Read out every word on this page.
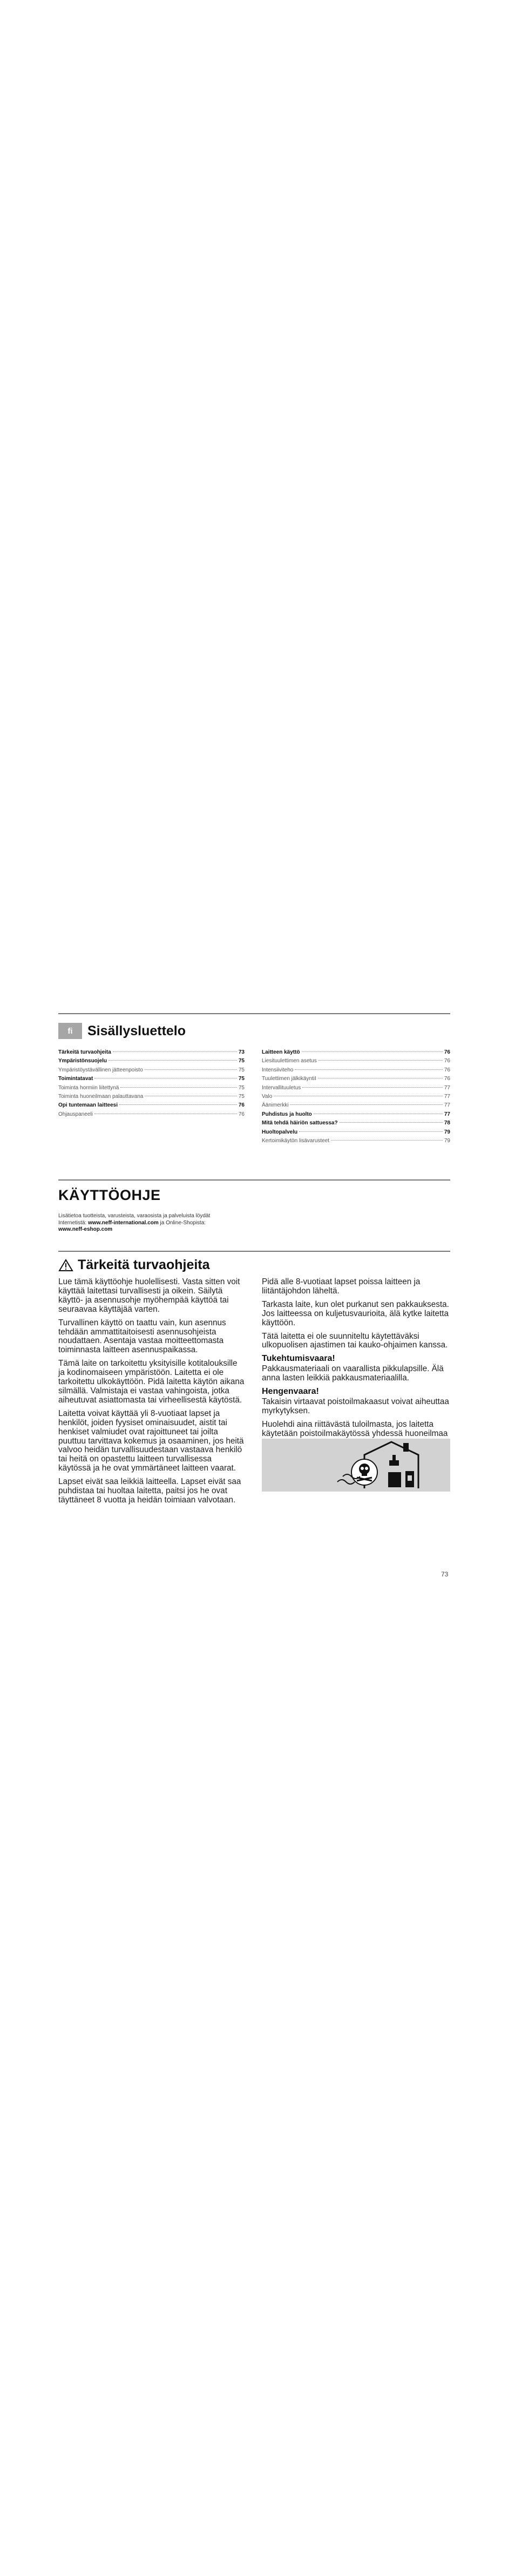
fi	Sisällysluettelo
Tärkeitä turvaohjeita	73
Ympäristönsuojelu	75
Ympäristöystävällinen jätteenpoisto	75
Toimintatavat	75
Toiminta hormiin liitettynä	75
Toiminta huoneilmaan palauttavana	75
Opi tuntemaan laitteesi	76
Ohjauspaneeli	76
Laitteen käyttö	76
Liesituulettimen asetus	76
Intensiiviteho	76
Tuulettimen jälkikäyntiI	76
Intervallituuletus	77
Valo	77
Äänimerkki	77
Puhdistus ja huolto	77
Mitä tehdä häiriön sattuessa?	78
Huoltopalvelu	79
Kertoimikäytön lisävarusteet	79
KÄYTTÖOHJE
Lisätietoa tuotteista, varusteista, varaosista ja palveluista löydät
Internetistä: www.neff-international.com ja Online-Shopista:
www.neff-eshop.com
Tärkeitä turvaohjeita

Lue tämä käyttöohje huolellisesti. Vasta sitten voit käyttää laitettasi turvallisesti ja oikein. Säilytä käyttö- ja asennusohje myöhempää käyttöä tai seuraavaa käyttäjää varten.

Turvallinen käyttö on taattu vain, kun asennus tehdään ammattitaitoisesti asennusohjeista noudattaen. Asentaja vastaa moitteettomasta toiminnasta laitteen asennuspaikassa.

Tämä laite on tarkoitettu yksityisille kotitalouksille ja kodinomaiseen ympäristöön. Laitetta ei ole tarkoitettu ulkokäyttöön. Pidä laitetta käytön aikana silmällä. Valmistaja ei vastaa vahingoista, jotka aiheutuvat asiattomasta tai virheellisestä käytöstä.

Laitetta voivat käyttää yli 8-vuotiaat lapset ja henkilöt, joiden fyysiset ominaisuudet, aistit tai henkiset valmiudet ovat rajoittuneet tai joilta puuttuu tarvittava kokemus ja osaaminen, jos heitä valvoo heidän turvallisuudestaan vastaava henkilö tai heitä on opastettu laitteen turvallisessa käytössä ja he ovat ymmärtäneet laitteen vaarat.

Lapset eivät saa leikkiä laitteella. Lapset eivät saa puhdistaa tai huoltaa laitetta, paitsi jos he ovat täyttäneet 8 vuotta ja heidän toimiaan valvotaan.

Pidä alle 8-vuotiaat lapset poissa laitteen ja liitäntäjohdon läheltä.

Tarkasta laite, kun olet purkanut sen pakkauksesta. Jos laitteessa on kuljetusvaurioita, älä kytke laitetta käyttöön.

Tätä laitetta ei ole suunniteltu käytettäväksi ulkopuolisen ajastimen tai kauko-ohjaimen kanssa.

Tukehtumisvaara!

Pakkausmateriaali on vaarallista pikkulapsille. Älä anna lasten leikkiä pakkausmateriaalilla.

Hengenvaara!

Takaisin virtaavat poistoilmakaasut voivat aiheuttaa myrkytyksen.

Huolehdi aina riittävästä tuloilmasta, jos laitetta käytetään poistoilmakäytössä yhdessä huoneilmaa

73
